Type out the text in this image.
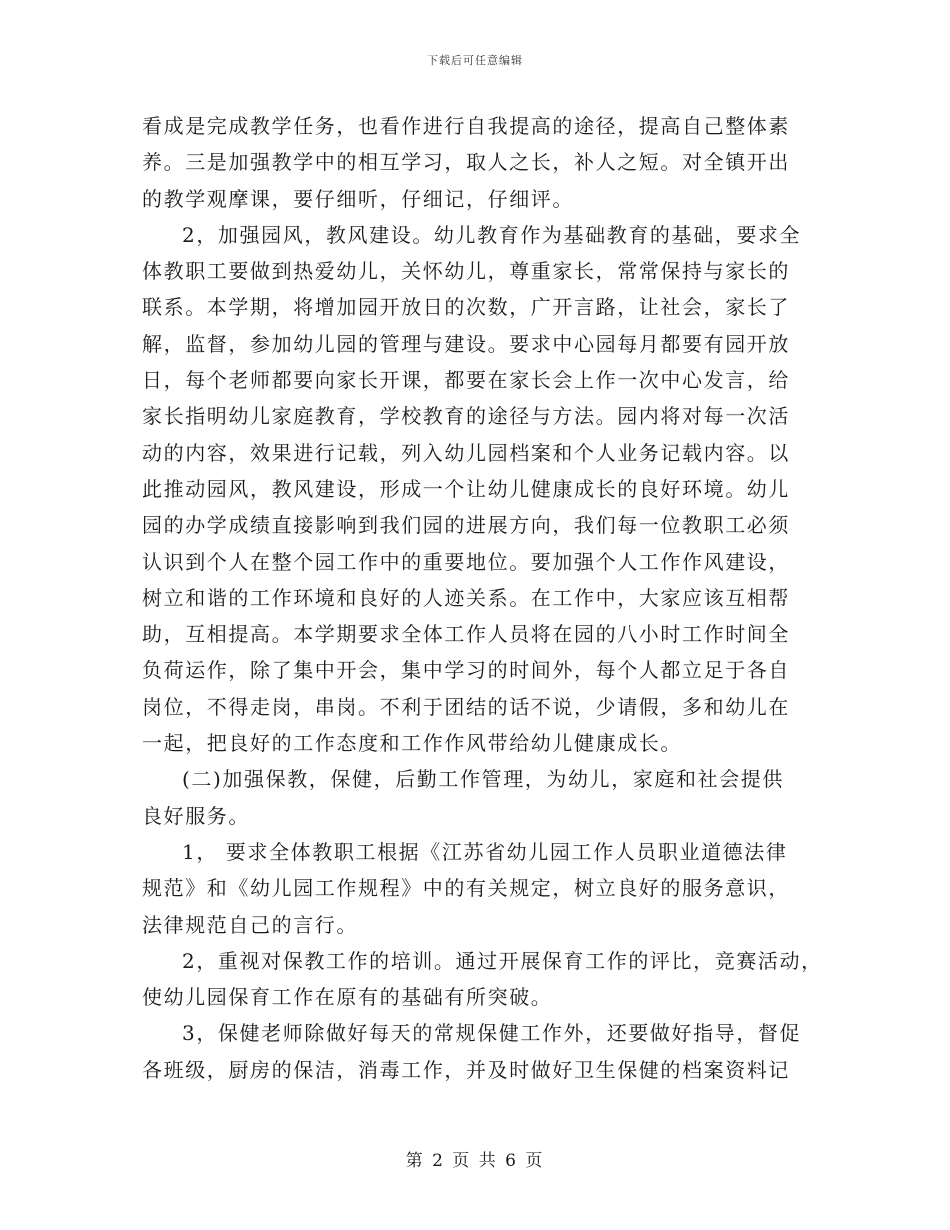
下载后可任意编辑
看成是完成教学任务，也看作进行自我提高的途径，提高自己整体素
养。三是加强教学中的相互学习，取人之长，补人之短。对全镇开出
的教学观摩课，要仔细听，仔细记，仔细评。
2，加强园风，教风建设。幼儿教育作为基础教育的基础，要求全
体教职工要做到热爱幼儿，关怀幼儿，尊重家长，常常保持与家长的
联系。本学期，将增加园开放日的次数，广开言路，让社会，家长了
解，监督，参加幼儿园的管理与建设。要求中心园每月都要有园开放
日，每个老师都要向家长开课，都要在家长会上作一次中心发言，给
家长指明幼儿家庭教育，学校教育的途径与方法。园内将对每一次活
动的内容，效果进行记载，列入幼儿园档案和个人业务记载内容。以
此推动园风，教风建设，形成一个让幼儿健康成长的良好环境。幼儿
园的办学成绩直接影响到我们园的进展方向，我们每一位教职工必须
认识到个人在整个园工作中的重要地位。要加强个人工作作风建设，
树立和谐的工作环境和良好的人迹关系。在工作中，大家应该互相帮
助，互相提高。本学期要求全体工作人员将在园的八小时工作时间全
负荷运作，除了集中开会，集中学习的时间外，每个人都立足于各自
岗位，不得走岗，串岗。不利于团结的话不说，少请假，多和幼儿在
一起，把良好的工作态度和工作作风带给幼儿健康成长。
(二)加强保教，保健，后勤工作管理，为幼儿，家庭和社会提供
良好服务。
1， 要求全体教职工根据《江苏省幼儿园工作人员职业道德法律
规范》和《幼儿园工作规程》中的有关规定，树立良好的服务意识，
法律规范自己的言行。
2，重视对保教工作的培训。通过开展保育工作的评比，竞赛活动，
使幼儿园保育工作在原有的基础有所突破。
3，保健老师除做好每天的常规保健工作外，还要做好指导，督促
各班级，厨房的保洁，消毒工作，并及时做好卫生保健的档案资料记
第 2 页 共 6 页
